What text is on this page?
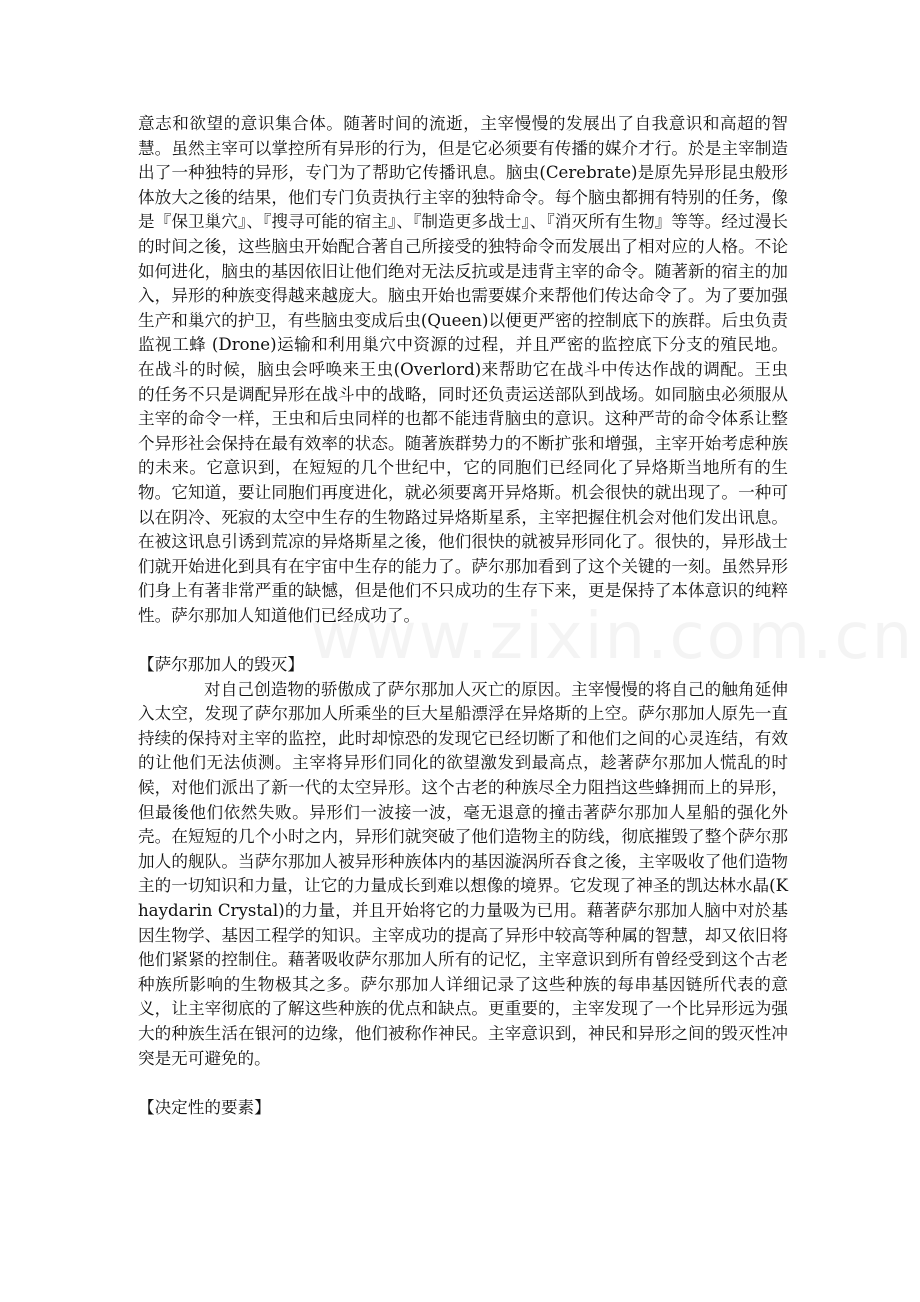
意志和欲望的意识集合体。随著时间的流逝，主宰慢慢的发展出了自我意识和高超的智慧。虽然主宰可以掌控所有异形的行为，但是它必须要有传播的媒介才行。於是主宰制造出了一种独特的异形，专门为了帮助它传播讯息。脑虫(Cerebrate)是原先异形昆虫般形体放大之後的结果，他们专门负责执行主宰的独特命令。每个脑虫都拥有特别的任务，像是『保卫巢穴』、『搜寻可能的宿主』、『制造更多战士』、『消灭所有生物』等等。经过漫长的时间之後，这些脑虫开始配合著自己所接受的独特命令而发展出了相对应的人格。不论如何进化，脑虫的基因依旧让他们绝对无法反抗或是违背主宰的命令。随著新的宿主的加入，异形的种族变得越来越庞大。脑虫开始也需要媒介来帮他们传达命令了。为了要加强生产和巢穴的护卫，有些脑虫变成后虫(Queen)以便更严密的控制底下的族群。后虫负责监视工蜂 (Drone)运输和利用巢穴中资源的过程，并且严密的监控底下分支的殖民地。在战斗的时候，脑虫会呼唤来王虫(Overlord)来帮助它在战斗中传达作战的调配。王虫的任务不只是调配异形在战斗中的战略，同时还负责运送部队到战场。如同脑虫必须服从主宰的命令一样，王虫和后虫同样的也都不能违背脑虫的意识。这种严苛的命令体系让整个异形社会保持在最有效率的状态。随著族群势力的不断扩张和增强，主宰开始考虑种族的未来。它意识到，在短短的几个世纪中，它的同胞们已经同化了异烙斯当地所有的生物。它知道，要让同胞们再度进化，就必须要离开异烙斯。机会很快的就出现了。一种可以在阴冷、死寂的太空中生存的生物路过异烙斯星系，主宰把握住机会对他们发出讯息。在被这讯息引诱到荒凉的异烙斯星之後，他们很快的就被异形同化了。很快的，异形战士们就开始进化到具有在宇宙中生存的能力了。萨尔那加看到了这个关键的一刻。虽然异形们身上有著非常严重的缺憾，但是他们不只成功的生存下来，更是保持了本体意识的纯粹性。萨尔那加人知道他们已经成功了。

【萨尔那加人的毁灭】

对自己创造物的骄傲成了萨尔那加人灭亡的原因。主宰慢慢的将自己的触角延伸入太空，发现了萨尔那加人所乘坐的巨大星船漂浮在异烙斯的上空。萨尔那加人原先一直持续的保持对主宰的监控，此时却惊恐的发现它已经切断了和他们之间的心灵连结，有效的让他们无法侦测。主宰将异形们同化的欲望激发到最高点，趁著萨尔那加人慌乱的时候，对他们派出了新一代的太空异形。这个古老的种族尽全力阻挡这些蜂拥而上的异形，但最後他们依然失败。异形们一波接一波，毫无退意的撞击著萨尔那加人星船的强化外壳。在短短的几个小时之内，异形们就突破了他们造物主的防线，彻底摧毁了整个萨尔那加人的舰队。当萨尔那加人被异形种族体内的基因漩涡所吞食之後，主宰吸收了他们造物主的一切知识和力量，让它的力量成长到难以想像的境界。它发现了神圣的凯达林水晶(Khaydarin Crystal)的力量，并且开始将它的力量吸为已用。藉著萨尔那加人脑中对於基因生物学、基因工程学的知识。主宰成功的提高了异形中较高等种属的智慧，却又依旧将他们紧紧的控制住。藉著吸收萨尔那加人所有的记忆，主宰意识到所有曾经受到这个古老种族所影响的生物极其之多。萨尔那加人详细记录了这些种族的每串基因链所代表的意义，让主宰彻底的了解这些种族的优点和缺点。更重要的，主宰发现了一个比异形远为强大的种族生活在银河的边缘，他们被称作神民。主宰意识到，神民和异形之间的毁灭性冲突是无可避免的。

【决定性的要素】
